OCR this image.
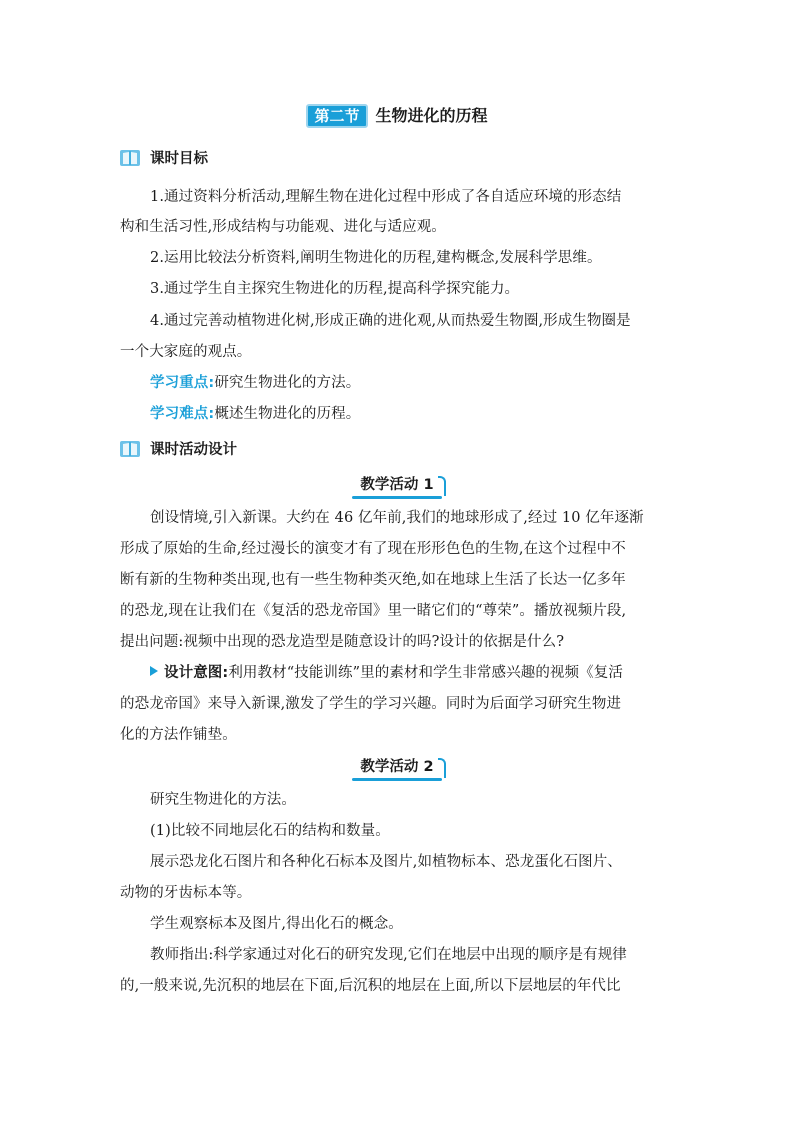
第二节 生物进化的历程
课时目标
1.通过资料分析活动,理解生物在进化过程中形成了各自适应环境的形态结
构和生活习性,形成结构与功能观、进化与适应观。
2.运用比较法分析资料,阐明生物进化的历程,建构概念,发展科学思维。
3.通过学生自主探究生物进化的历程,提高科学探究能力。
4.通过完善动植物进化树,形成正确的进化观,从而热爱生物圈,形成生物圈是
一个大家庭的观点。
学习重点:研究生物进化的方法。
学习难点:概述生物进化的历程。
课时活动设计
教学活动 1
创设情境,引入新课。大约在 46 亿年前,我们的地球形成了,经过 10 亿年逐渐
形成了原始的生命,经过漫长的演变才有了现在形形色色的生物,在这个过程中不
断有新的生物种类出现,也有一些生物种类灭绝,如在地球上生活了长达一亿多年
的恐龙,现在让我们在《复活的恐龙帝国》里一睹它们的“尊荣”。播放视频片段,
提出问题:视频中出现的恐龙造型是随意设计的吗?设计的依据是什么?
设计意图:利用教材“技能训练”里的素材和学生非常感兴趣的视频《复活
的恐龙帝国》来导入新课,激发了学生的学习兴趣。同时为后面学习研究生物进
化的方法作铺垫。
教学活动 2
研究生物进化的方法。
(1)比较不同地层化石的结构和数量。
展示恐龙化石图片和各种化石标本及图片,如植物标本、恐龙蛋化石图片、
动物的牙齿标本等。
学生观察标本及图片,得出化石的概念。
教师指出:科学家通过对化石的研究发现,它们在地层中出现的顺序是有规律
的,一般来说,先沉积的地层在下面,后沉积的地层在上面,所以下层地层的年代比
